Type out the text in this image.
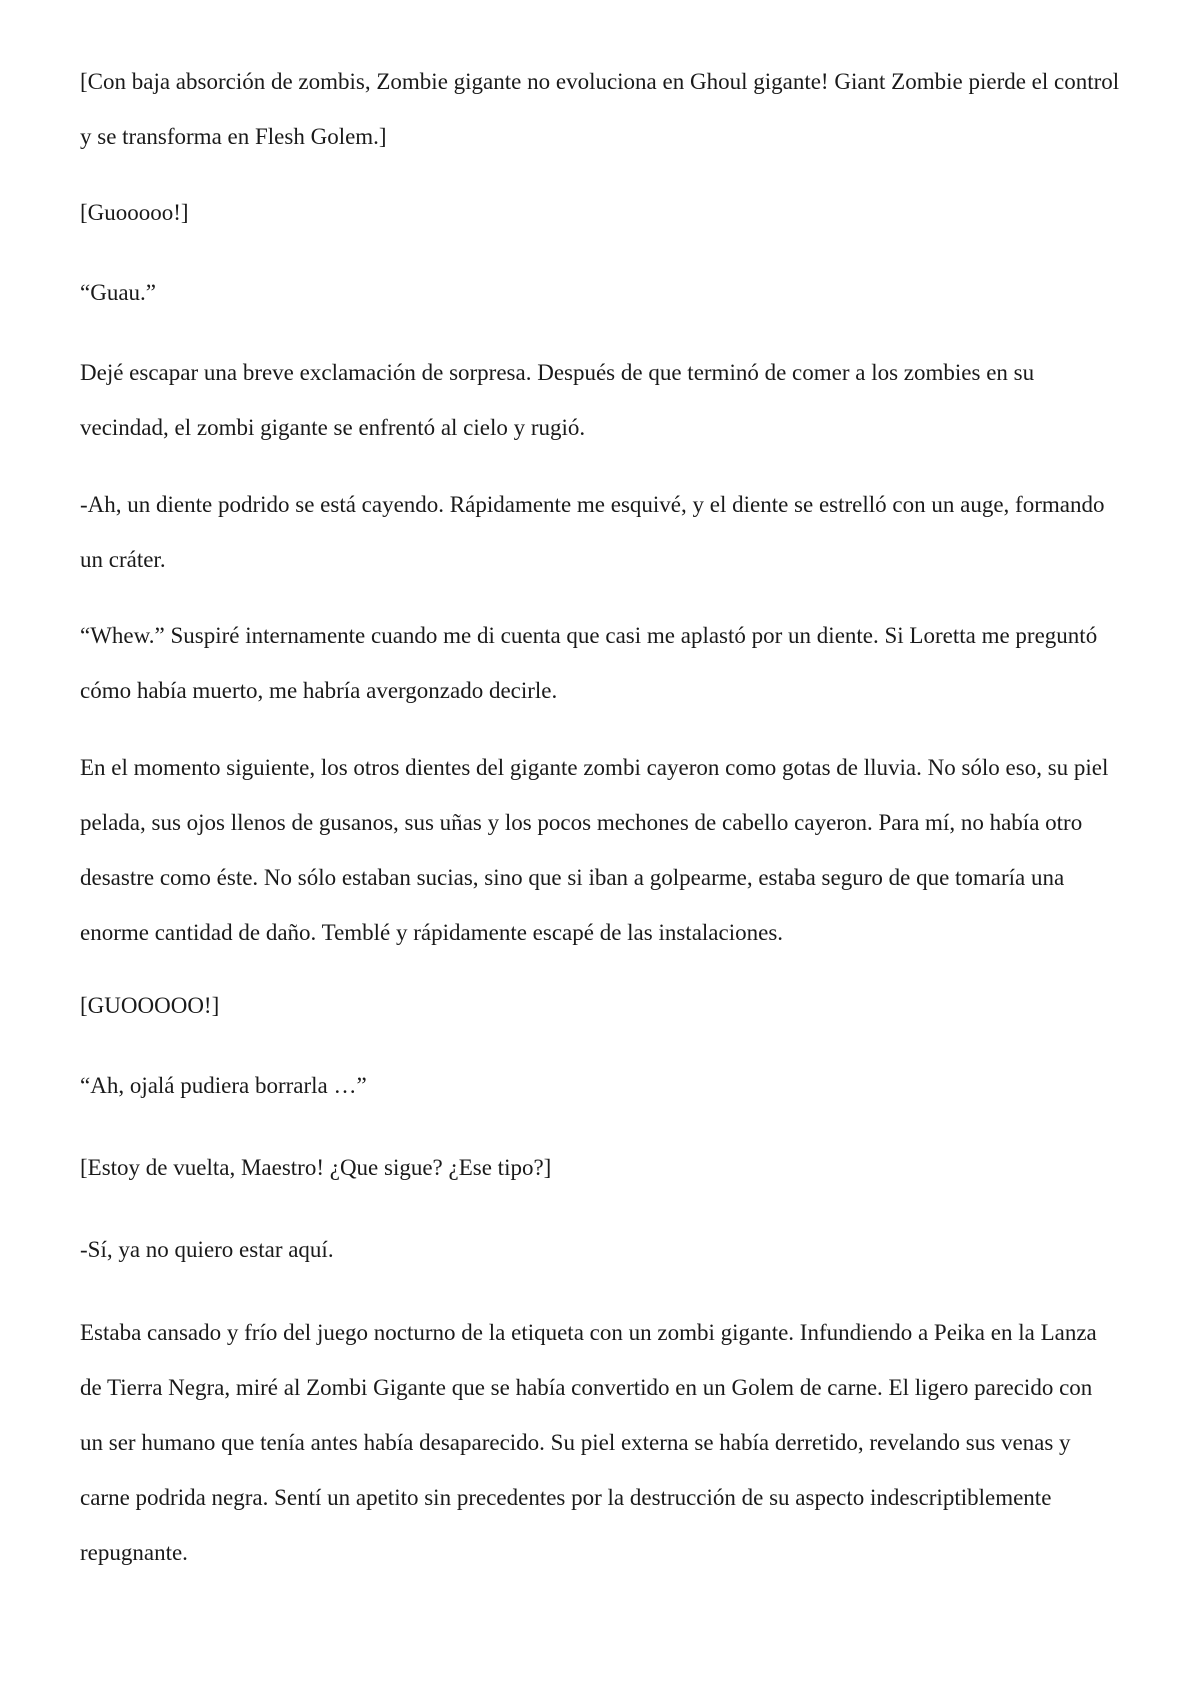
[Con baja absorción de zombis, Zombie gigante no evoluciona en Ghoul gigante! Giant Zombie pierde el control y se transforma en Flesh Golem.]

[Guooooo!]

“Guau.”

Dejé escapar una breve exclamación de sorpresa. Después de que terminó de comer a los zombies en su vecindad, el zombi gigante se enfrentó al cielo y rugió.

-Ah, un diente podrido se está cayendo. Rápidamente me esquivé, y el diente se estrelló con un auge, formando un cráter.

“Whew.” Suspiré internamente cuando me di cuenta que casi me aplastó por un diente. Si Loretta me preguntó cómo había muerto, me habría avergonzado decirle.

En el momento siguiente, los otros dientes del gigante zombi cayeron como gotas de lluvia. No sólo eso, su piel pelada, sus ojos llenos de gusanos, sus uñas y los pocos mechones de cabello cayeron. Para mí, no había otro desastre como éste. No sólo estaban sucias, sino que si iban a golpearme, estaba seguro de que tomaría una enorme cantidad de daño. Temblé y rápidamente escapé de las instalaciones.

[GUOOOOO!]

“Ah, ojalá pudiera borrarla …”

[Estoy de vuelta, Maestro! ¿Que sigue? ¿Ese tipo?]

-Sí, ya no quiero estar aquí.

Estaba cansado y frío del juego nocturno de la etiqueta con un zombi gigante. Infundiendo a Peika en la Lanza de Tierra Negra, miré al Zombi Gigante que se había convertido en un Golem de carne. El ligero parecido con un ser humano que tenía antes había desaparecido. Su piel externa se había derretido, revelando sus venas y carne podrida negra. Sentí un apetito sin precedentes por la destrucción de su aspecto indescriptiblemente repugnante.
